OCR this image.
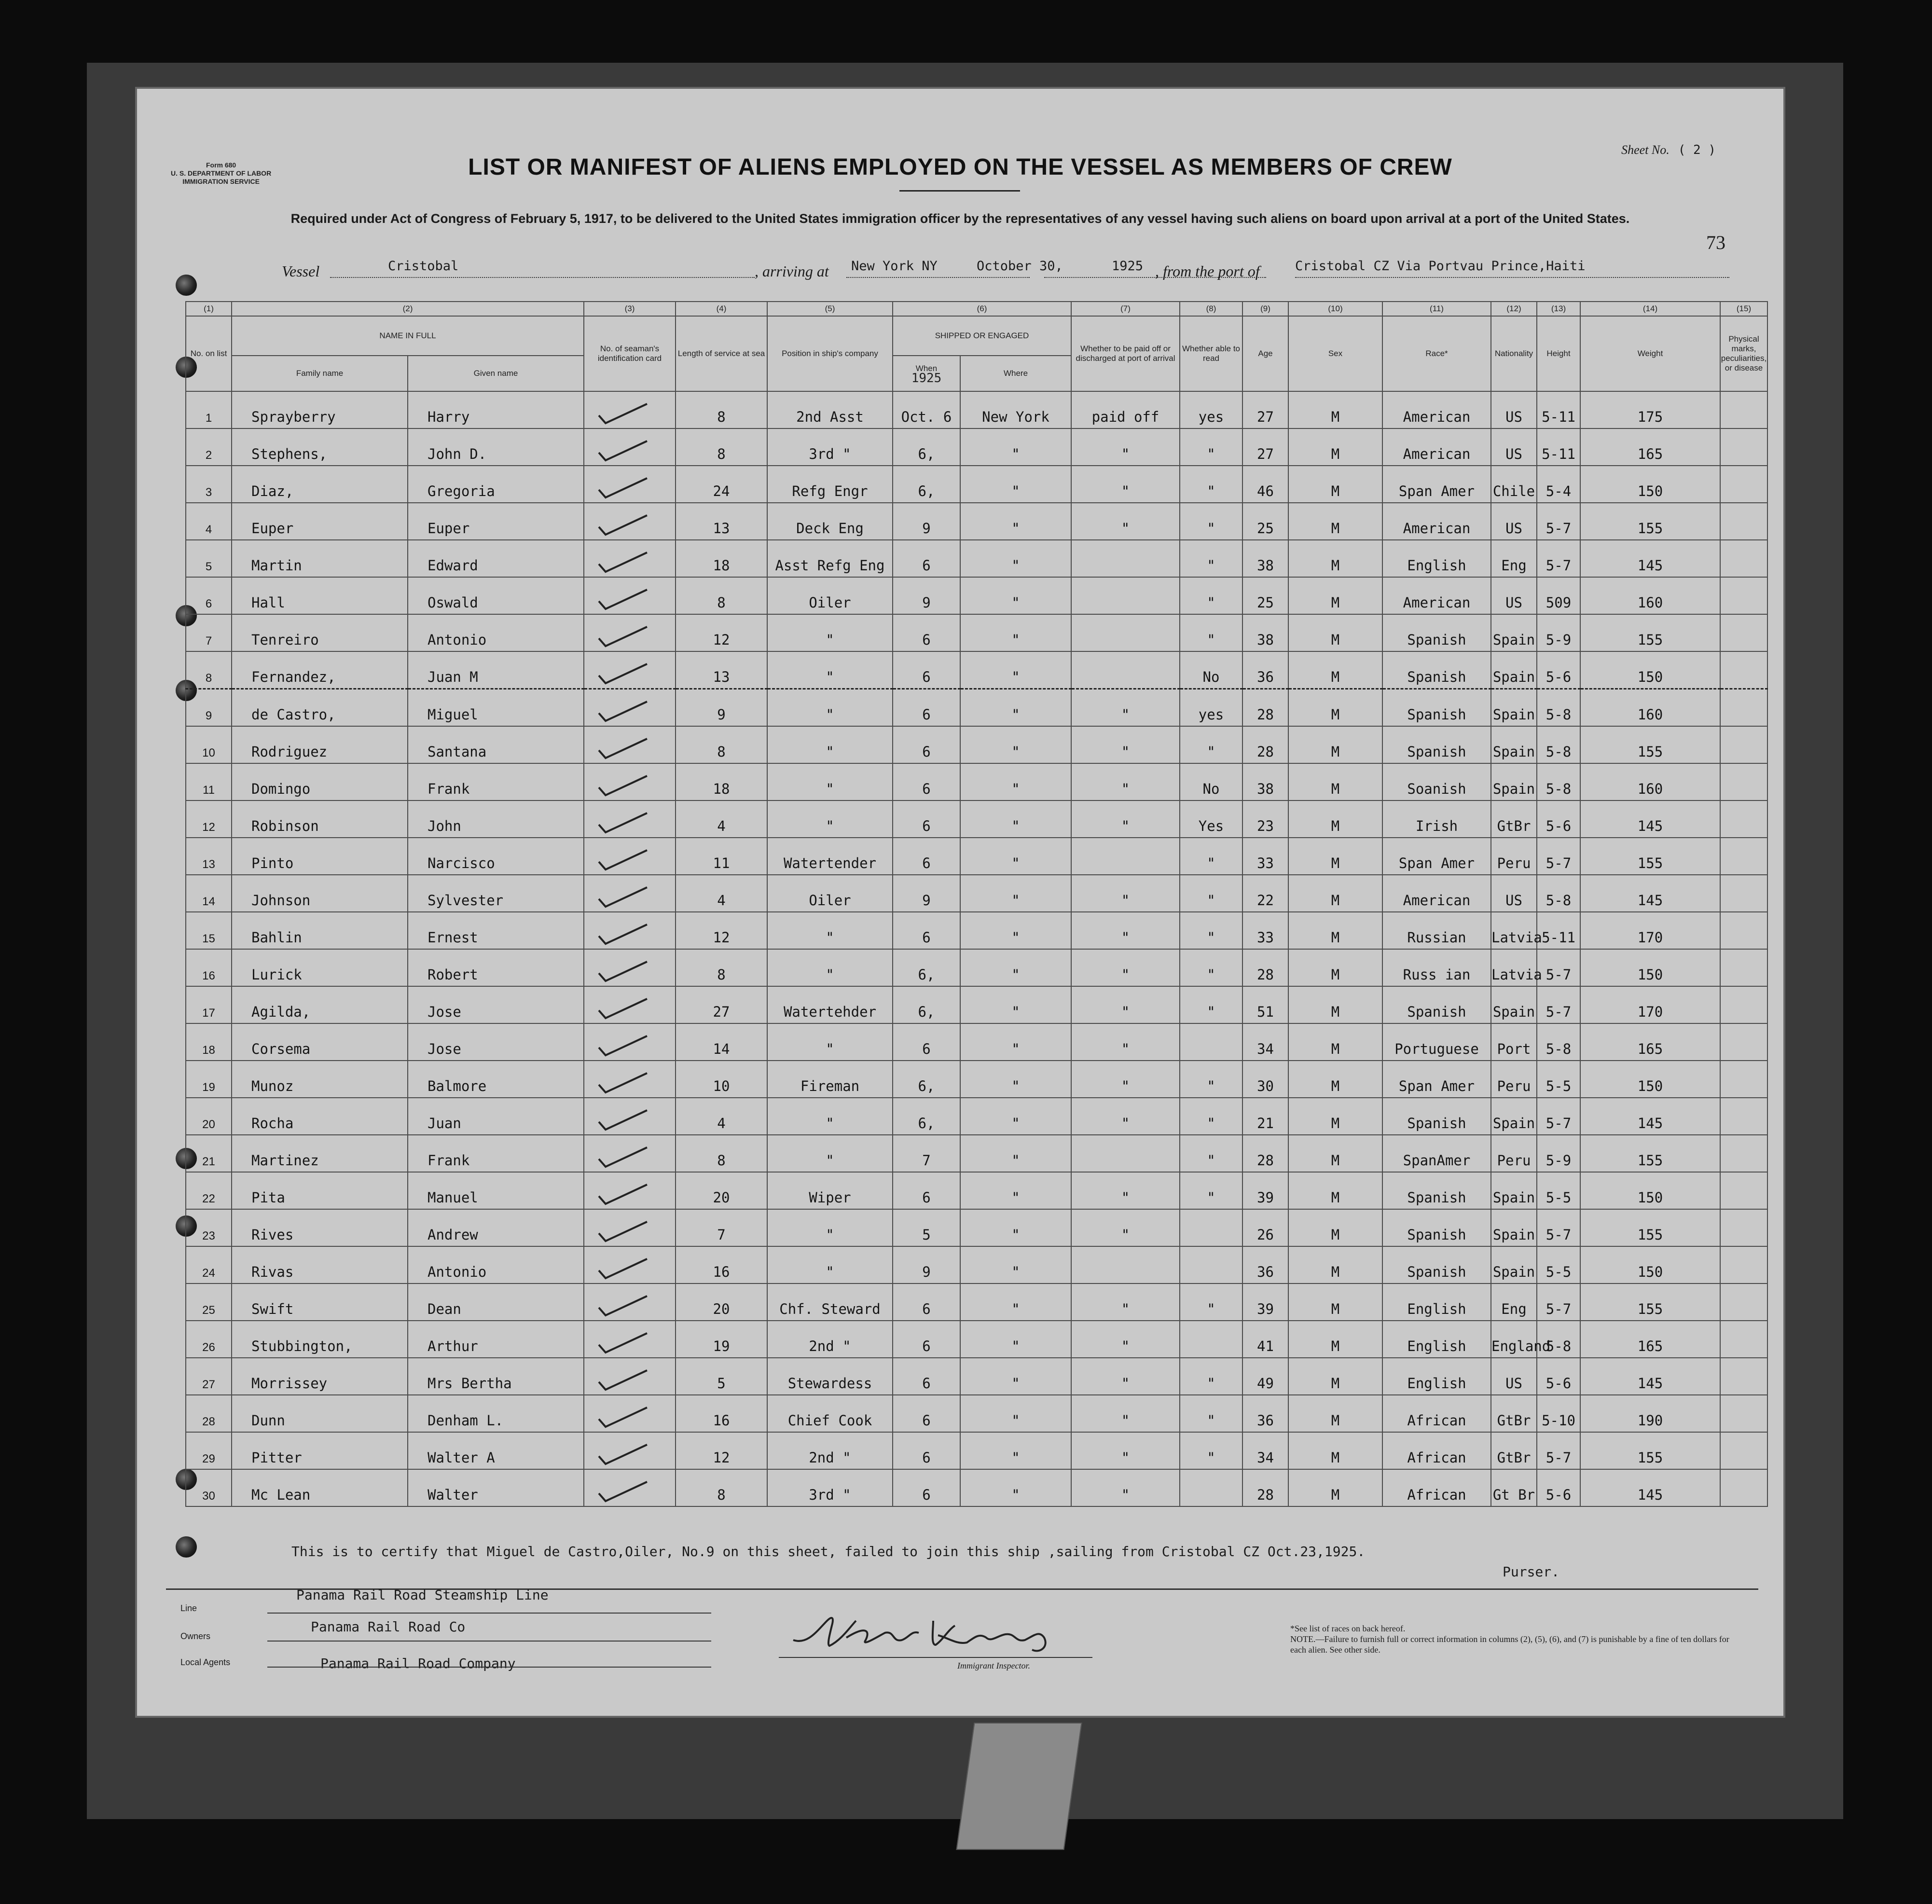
Form 680
U. S. DEPARTMENT OF LABOR
IMMIGRATION SERVICE
Sheet No. ( 2 )
LIST OR MANIFEST OF ALIENS EMPLOYED ON THE VESSEL AS MEMBERS OF CREW
Required under Act of Congress of February 5, 1917, to be delivered to the United States immigration officer by the representatives of any vessel having such aliens on board upon arrival at a port of the United States.
73
Vessel	Cristobal	, arriving at New York NY	October 30,	1925 , from the port of	Cristobal CZ Via Portvau Prince,Haiti
(1)	(2)		(3)	(4)	(5)	(6)		(7)	(8)	(9)	(10)	(11)	(12)	(13)	(14)	(15)
No. on list	NAME IN FULL		No. of seaman's identification card	Length of service at sea	Position in ship's company	SHIPPED OR ENGAGED		Whether to be paid off or discharged at port of arrival	Whether able to read	Age	Sex	Race*	Nationality	Height	Weight	Physical marks, peculiarities, or disease
	Family name	Given name				When
1925	Where									
1	Sprayberry	Harry		8	2nd Asst	Oct. 6	New York	paid off	yes	27	M	American	US	5-11	175	
2	Stephens,	John D.		8	3rd "	6,	"	"	"	27	M	American	US	5-11	165	
3	Diaz,	Gregoria		24	Refg Engr	6,	"	"	"	46	M	Span Amer	Chile	5-4	150	
4	Euper	Euper		13	Deck Eng	9	"	"	"	25	M	American	US	5-7	155	
5	Martin	Edward		18	Asst Refg Eng	6	"		"	38	M	English	Eng	5-7	145	
6	Hall	Oswald		8	Oiler	9	"		"	25	M	American	US	509	160	
7	Tenreiro	Antonio		12	"	6	"		"	38	M	Spanish	Spain	5-9	155	
8	Fernandez,	Juan M		13	"	6	"		No	36	M	Spanish	Spain	5-6	150	
9	de Castro,	Miguel		9	"	6	"	"	yes	28	M	Spanish	Spain	5-8	160	
10	Rodriguez	Santana		8	"	6	"	"	"	28	M	Spanish	Spain	5-8	155	
11	Domingo	Frank		18	"	6	"	"	No	38	M	Soanish	Spain	5-8	160	
12	Robinson	John		4	"	6	"	"	Yes	23	M	Irish	GtBr	5-6	145	
13	Pinto	Narcisco		11	Watertender	6	"		"	33	M	Span Amer	Peru	5-7	155	
14	Johnson	Sylvester		4	Oiler	9	"	"	"	22	M	American	US	5-8	145	
15	Bahlin	Ernest		12	"	6	"	"	"	33	M	Russian	Latvia	5-11	170	
16	Lurick	Robert		8	"	6,	"	"	"	28	M	Russ ian	Latvia	5-7	150	
17	Agilda,	Jose		27	Watertehder	6,	"	"	"	51	M	Spanish	Spain	5-7	170	
18	Corsema	Jose		14	"	6	"	"		34	M	Portuguese	Port	5-8	165	
19	Munoz	Balmore		10	Fireman	6,	"	"	"	30	M	Span Amer	Peru	5-5	150	
20	Rocha	Juan		4	"	6,	"	"	"	21	M	Spanish	Spain	5-7	145	
21	Martinez	Frank		8	"	7	"		"	28	M	SpanAmer	Peru	5-9	155	
22	Pita	Manuel		20	Wiper	6	"	"	"	39	M	Spanish	Spain	5-5	150	
23	Rives	Andrew		7	"	5	"	"		26	M	Spanish	Spain	5-7	155	
24	Rivas	Antonio		16	"	9	"			36	M	Spanish	Spain	5-5	150	
25	Swift	Dean		20	Chf. Steward	6	"	"	"	39	M	English	Eng	5-7	155	
26	Stubbington,	Arthur		19	2nd "	6	"	"		41	M	English	England	5-8	165	
27	Morrissey	Mrs Bertha		5	Stewardess	6	"	"	"	49	M	English	US	5-6	145	
28	Dunn	Denham L.		16	Chief Cook	6	"	"	"	36	M	African	GtBr	5-10	190	
29	Pitter	Walter A		12	2nd "	6	"	"	"	34	M	African	GtBr	5-7	155	
30	Mc Lean	Walter		8	3rd "	6	"	"		28	M	African	Gt Br	5-6	145	
This is to certify that Miguel de Castro,Oiler, No.9 on this sheet, failed to join this ship ,sailing from Cristobal CZ Oct.23,1925.
Purser.
Line
Panama Rail Road Steamship Line
Owners
Panama Rail Road Co
Local Agents	Panama Rail Road Company	Immigrant Inspector.
*See list of races on back hereof.
NOTE.—Failure to furnish full or correct information in columns (2), (5), (6), and (7) is punishable by a fine of ten dollars for each alien. See other side.
